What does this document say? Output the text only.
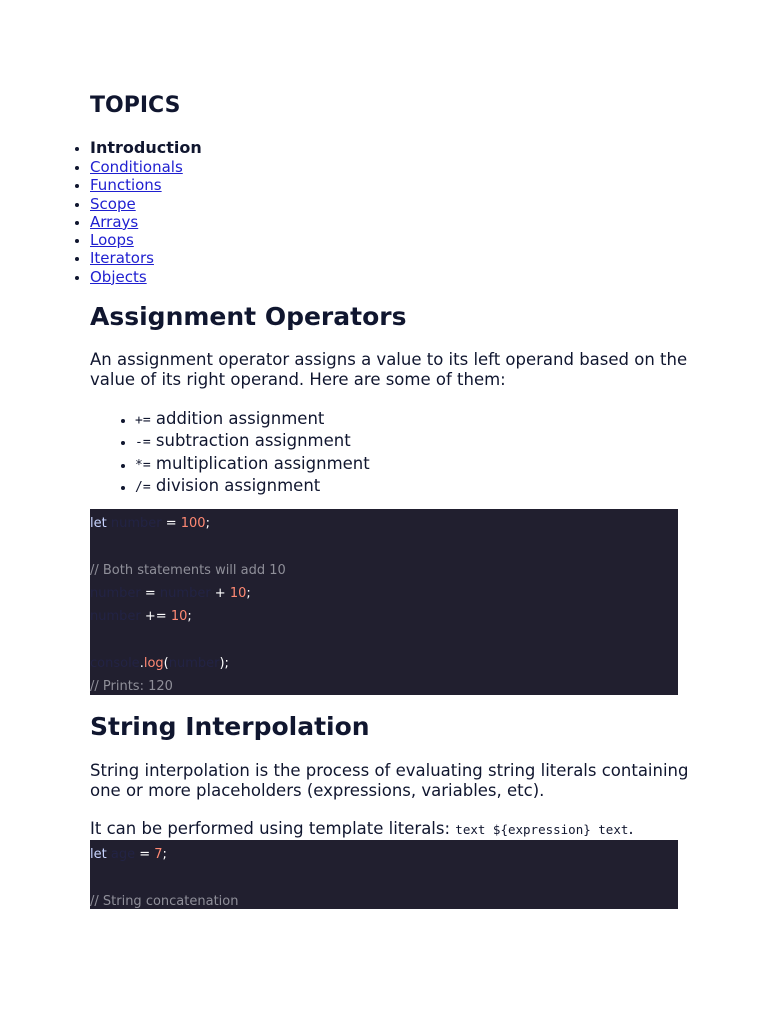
TOPICS
• Introduction
• Conditionals
• Functions
• Scope
• Arrays
• Loops
• Iterators
• Objects
Assignment Operators

An assignment operator assigns a value to its left operand based on the value of its right operand. Here are some of them:

• += addition assignment
• -= subtraction assignment
• *= multiplication assignment
• /= division assignment
let number = 100;
// Both statements will add 10
number = number + 10;
number += 10;
console.log(number);
// Prints: 120
String Interpolation

String interpolation is the process of evaluating string literals containing one or more placeholders (expressions, variables, etc).

It can be performed using template literals: text ${expression} text.

let age = 7;
// String concatenation
